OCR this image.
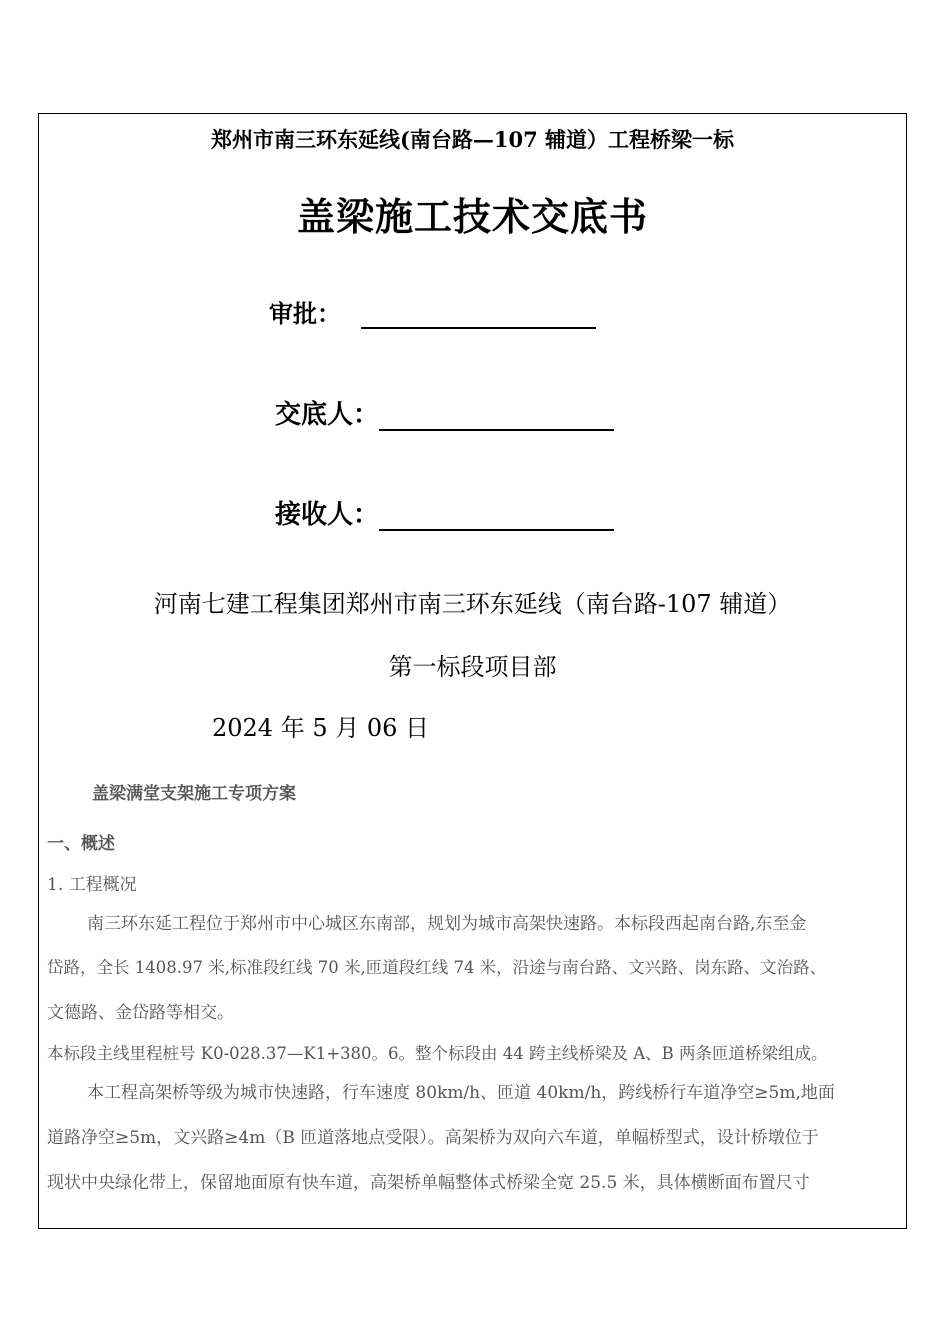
郑州市南三环东延线(南台路—107 辅道）工程桥梁一标
盖梁施工技术交底书
审批：
交底人：
接收人：
河南七建工程集团郑州市南三环东延线（南台路-107 辅道）
第一标段项目部
2024 年 5 月 06 日
盖梁满堂支架施工专项方案
一、概述
1. 工程概况
南三环东延工程位于郑州市中心城区东南部，规划为城市高架快速路。本标段西起南台路,东至金
岱路，全长 1408.97 米,标准段红线 70 米,匝道段红线 74 米，沿途与南台路、文兴路、岗东路、文治路、
文德路、金岱路等相交。
本标段主线里程桩号 K0-028.37—K1+380。6。整个标段由 44 跨主线桥梁及 A、B 两条匝道桥梁组成。
本工程高架桥等级为城市快速路，行车速度 80km/h、匝道 40km/h，跨线桥行车道净空≥5m,地面
道路净空≥5m，文兴路≥4m（B 匝道落地点受限）。高架桥为双向六车道，单幅桥型式，设计桥墩位于
现状中央绿化带上，保留地面原有快车道，高架桥单幅整体式桥梁全宽 25.5 米，具体横断面布置尺寸
